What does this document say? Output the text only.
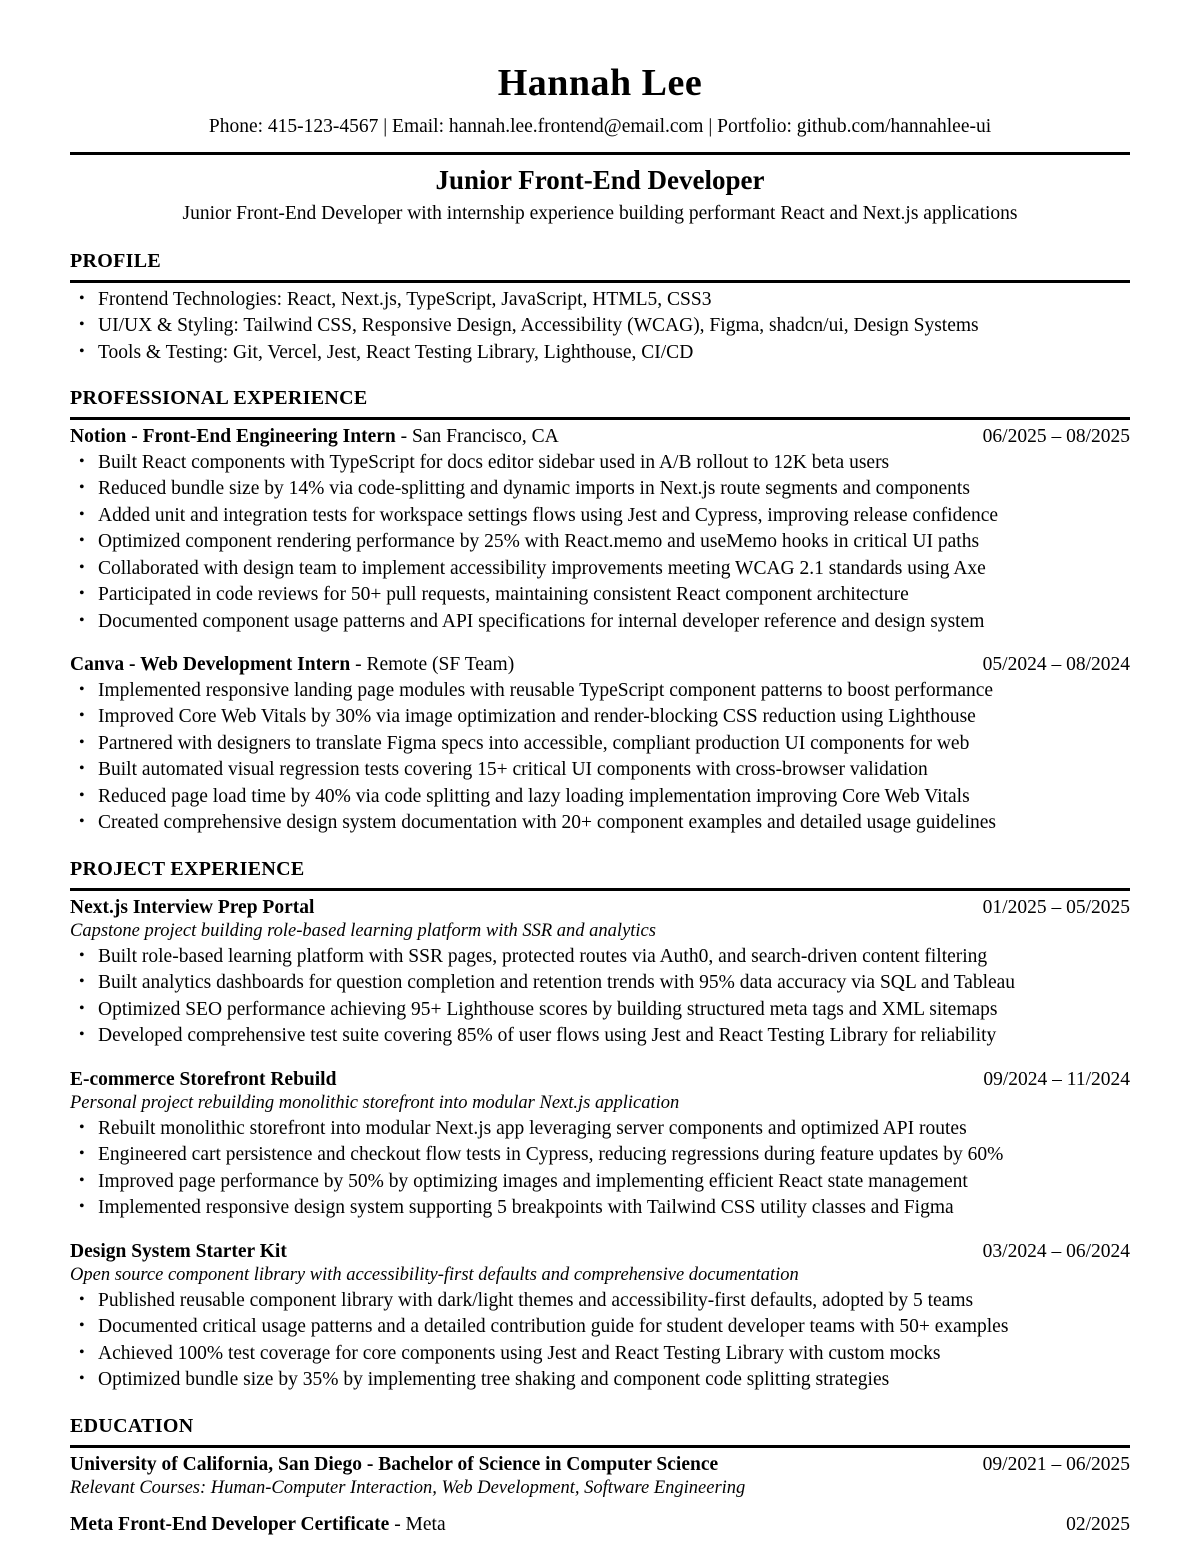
Hannah Lee
Phone: 415-123-4567 | Email: hannah.lee.frontend@email.com | Portfolio: github.com/hannahlee-ui
Junior Front-End Developer
Junior Front-End Developer with internship experience building performant React and Next.js applications
PROFILE
• Frontend Technologies: React, Next.js, TypeScript, JavaScript, HTML5, CSS3
• UI/UX & Styling: Tailwind CSS, Responsive Design, Accessibility (WCAG), Figma, shadcn/ui, Design Systems
• Tools & Testing: Git, Vercel, Jest, React Testing Library, Lighthouse, CI/CD
PROFESSIONAL EXPERIENCE
Notion - Front-End Engineering Intern - San Francisco, CA	06/2025 – 08/2025
• Built React components with TypeScript for docs editor sidebar used in A/B rollout to 12K beta users
• Reduced bundle size by 14% via code-splitting and dynamic imports in Next.js route segments and components
• Added unit and integration tests for workspace settings flows using Jest and Cypress, improving release confidence
• Optimized component rendering performance by 25% with React.memo and useMemo hooks in critical UI paths
• Collaborated with design team to implement accessibility improvements meeting WCAG 2.1 standards using Axe
• Participated in code reviews for 50+ pull requests, maintaining consistent React component architecture
• Documented component usage patterns and API specifications for internal developer reference and design system
Canva - Web Development Intern - Remote (SF Team)	05/2024 – 08/2024
• Implemented responsive landing page modules with reusable TypeScript component patterns to boost performance
• Improved Core Web Vitals by 30% via image optimization and render-blocking CSS reduction using Lighthouse
• Partnered with designers to translate Figma specs into accessible, compliant production UI components for web
• Built automated visual regression tests covering 15+ critical UI components with cross-browser validation
• Reduced page load time by 40% via code splitting and lazy loading implementation improving Core Web Vitals
• Created comprehensive design system documentation with 20+ component examples and detailed usage guidelines
PROJECT EXPERIENCE
Next.js Interview Prep Portal	01/2025 – 05/2025
Capstone project building role-based learning platform with SSR and analytics
• Built role-based learning platform with SSR pages, protected routes via Auth0, and search-driven content filtering
• Built analytics dashboards for question completion and retention trends with 95% data accuracy via SQL and Tableau
• Optimized SEO performance achieving 95+ Lighthouse scores by building structured meta tags and XML sitemaps
• Developed comprehensive test suite covering 85% of user flows using Jest and React Testing Library for reliability
E-commerce Storefront Rebuild	09/2024 – 11/2024
Personal project rebuilding monolithic storefront into modular Next.js application
• Rebuilt monolithic storefront into modular Next.js app leveraging server components and optimized API routes
• Engineered cart persistence and checkout flow tests in Cypress, reducing regressions during feature updates by 60%
• Improved page performance by 50% by optimizing images and implementing efficient React state management
• Implemented responsive design system supporting 5 breakpoints with Tailwind CSS utility classes and Figma
Design System Starter Kit	03/2024 – 06/2024
Open source component library with accessibility-first defaults and comprehensive documentation
• Published reusable component library with dark/light themes and accessibility-first defaults, adopted by 5 teams
• Documented critical usage patterns and a detailed contribution guide for student developer teams with 50+ examples
• Achieved 100% test coverage for core components using Jest and React Testing Library with custom mocks
• Optimized bundle size by 35% by implementing tree shaking and component code splitting strategies
EDUCATION
University of California, San Diego - Bachelor of Science in Computer Science	09/2021 – 06/2025
Relevant Courses: Human-Computer Interaction, Web Development, Software Engineering
Meta Front-End Developer Certificate - Meta	02/2025
